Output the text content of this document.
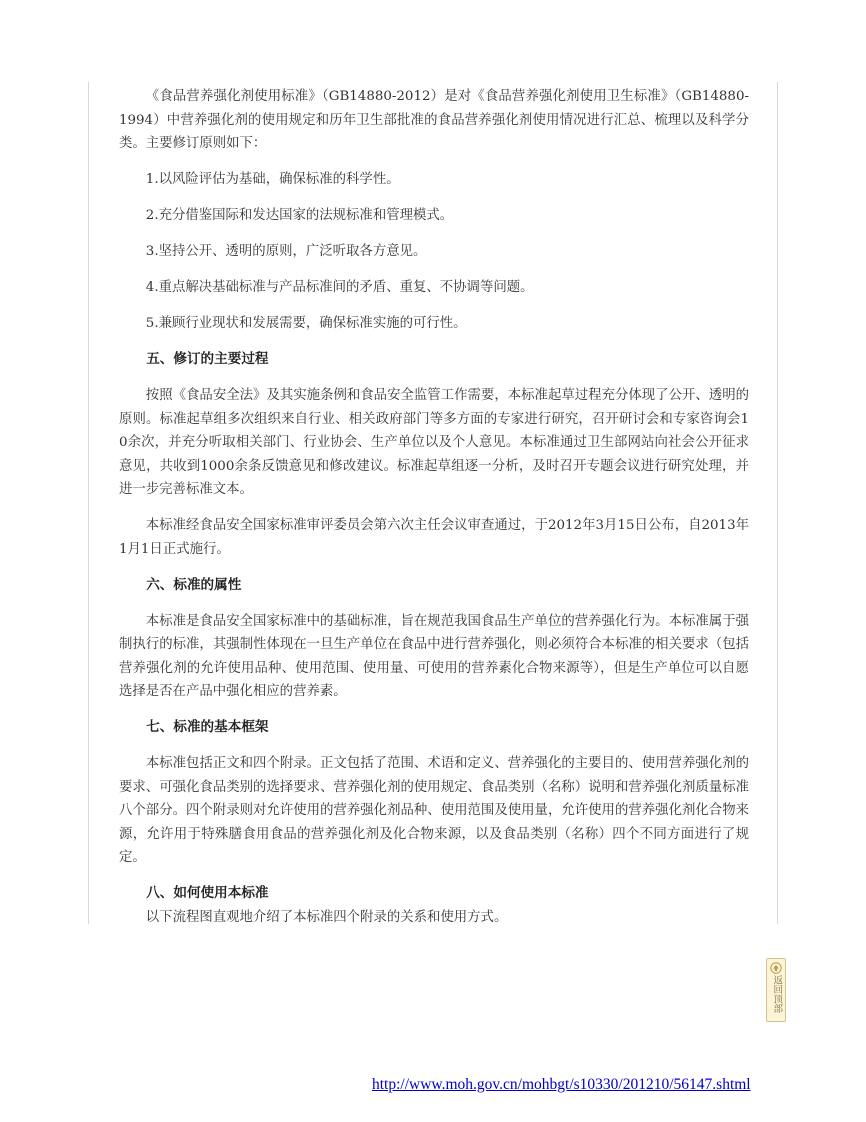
《食品营养强化剂使用标准》（GB14880-2012）是对《食品营养强化剂使用卫生标准》（GB14880-1994）中营养强化剂的使用规定和历年卫生部批准的食品营养强化剂使用情况进行汇总、梳理以及科学分类。主要修订原则如下：

1.以风险评估为基础，确保标准的科学性。

2.充分借鉴国际和发达国家的法规标准和管理模式。

3.坚持公开、透明的原则，广泛听取各方意见。

4.重点解决基础标准与产品标准间的矛盾、重复、不协调等问题。

5.兼顾行业现状和发展需要，确保标准实施的可行性。

五、修订的主要过程

按照《食品安全法》及其实施条例和食品安全监管工作需要，本标准起草过程充分体现了公开、透明的原则。标准起草组多次组织来自行业、相关政府部门等多方面的专家进行研究，召开研讨会和专家咨询会10余次，并充分听取相关部门、行业协会、生产单位以及个人意见。本标准通过卫生部网站向社会公开征求意见，共收到1000余条反馈意见和修改建议。标准起草组逐一分析，及时召开专题会议进行研究处理，并进一步完善标准文本。

本标准经食品安全国家标准审评委员会第六次主任会议审查通过，于2012年3月15日公布，自2013年1月1日正式施行。

六、标准的属性

本标准是食品安全国家标准中的基础标准，旨在规范我国食品生产单位的营养强化行为。本标准属于强制执行的标准，其强制性体现在一旦生产单位在食品中进行营养强化，则必须符合本标准的相关要求（包括营养强化剂的允许使用品种、使用范围、使用量、可使用的营养素化合物来源等），但是生产单位可以自愿选择是否在产品中强化相应的营养素。

七、标准的基本框架

本标准包括正文和四个附录。正文包括了范围、术语和定义、营养强化的主要目的、使用营养强化剂的要求、可强化食品类别的选择要求、营养强化剂的使用规定、食品类别（名称）说明和营养强化剂质量标准八个部分。四个附录则对允许使用的营养强化剂品种、使用范围及使用量，允许使用的营养强化剂化合物来源，允许用于特殊膳食用食品的营养强化剂及化合物来源，以及食品类别（名称）四个不同方面进行了规定。

八、如何使用本标准

以下流程图直观地介绍了本标准四个附录的关系和使用方式。

返回顶部
http://www.moh.gov.cn/mohbgt/s10330/201210/56147.shtml
